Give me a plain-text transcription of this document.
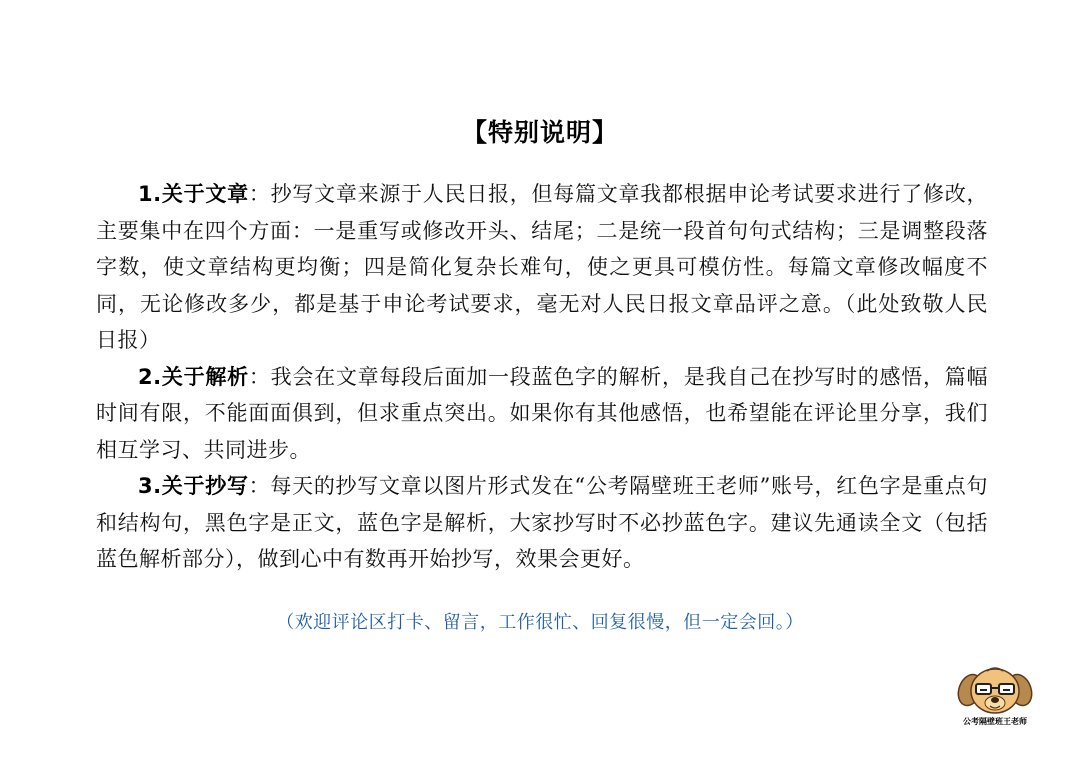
【特别说明】

1.关于文章：抄写文章来源于人民日报，但每篇文章我都根据申论考试要求进行了修改，主要集中在四个方面：一是重写或修改开头、结尾；二是统一段首句句式结构；三是调整段落字数，使文章结构更均衡；四是简化复杂长难句，使之更具可模仿性。每篇文章修改幅度不同，无论修改多少，都是基于申论考试要求，毫无对人民日报文章品评之意。（此处致敬人民日报）

2.关于解析：我会在文章每段后面加一段蓝色字的解析，是我自己在抄写时的感悟，篇幅时间有限，不能面面俱到，但求重点突出。如果你有其他感悟，也希望能在评论里分享，我们相互学习、共同进步。

3.关于抄写：每天的抄写文章以图片形式发在“公考隔壁班王老师”账号，红色字是重点句和结构句，黑色字是正文，蓝色字是解析，大家抄写时不必抄蓝色字。建议先通读全文（包括蓝色解析部分），做到心中有数再开始抄写，效果会更好。

（欢迎评论区打卡、留言，工作很忙、回复很慢，但一定会回。）
公考隔壁班王老师
